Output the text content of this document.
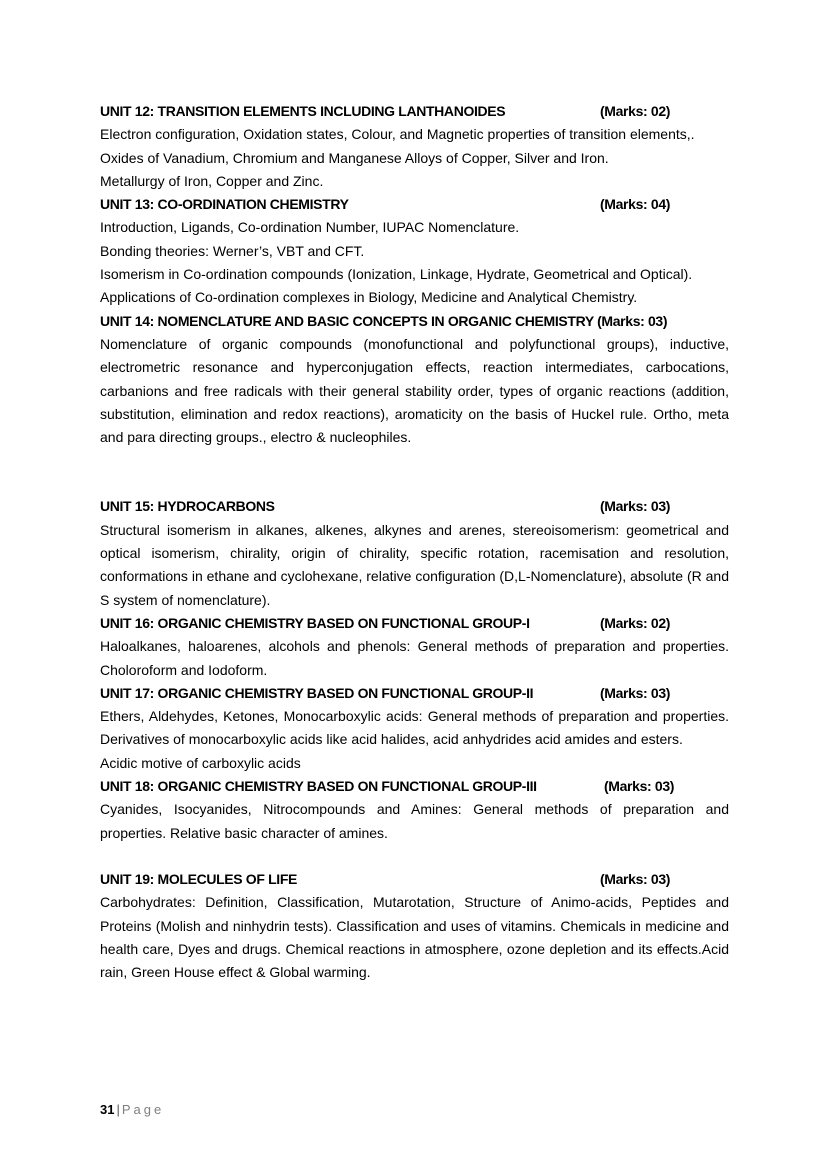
UNIT 12: TRANSITION ELEMENTS INCLUDING LANTHANOIDES	(Marks: 02)

Electron configuration, Oxidation states, Colour, and Magnetic properties of transition elements,.

Oxides of Vanadium, Chromium and Manganese Alloys of Copper, Silver and Iron.

Metallurgy of Iron, Copper and Zinc.

UNIT 13: CO-ORDINATION CHEMISTRY	(Marks: 04)

Introduction, Ligands, Co-ordination Number, IUPAC Nomenclature.

Bonding theories: Werner’s, VBT and CFT.

Isomerism in Co-ordination compounds (Ionization, Linkage, Hydrate, Geometrical and Optical).

Applications of Co-ordination complexes in Biology, Medicine and Analytical Chemistry.

UNIT 14: NOMENCLATURE AND BASIC CONCEPTS IN ORGANIC CHEMISTRY (Marks: 03)

Nomenclature of organic compounds (monofunctional and polyfunctional groups), inductive, electrometric resonance and hyperconjugation effects, reaction intermediates, carbocations, carbanions and free radicals with their general stability order, types of organic reactions (addition, substitution, elimination and redox reactions), aromaticity on the basis of Huckel rule. Ortho, meta and para directing groups., electro & nucleophiles.

UNIT 15: HYDROCARBONS	(Marks: 03)

Structural isomerism in alkanes, alkenes, alkynes and arenes, stereoisomerism: geometrical and optical isomerism, chirality, origin of chirality, specific rotation, racemisation and resolution, conformations in ethane and cyclohexane, relative configuration (D,L-Nomenclature), absolute (R and S system of nomenclature).

UNIT 16: ORGANIC CHEMISTRY BASED ON FUNCTIONAL GROUP-I	(Marks: 02)

Haloalkanes, haloarenes, alcohols and phenols: General methods of preparation and properties. Choloroform and Iodoform.

UNIT 17: ORGANIC CHEMISTRY BASED ON FUNCTIONAL GROUP-II	(Marks: 03)

Ethers, Aldehydes, Ketones, Monocarboxylic acids: General methods of preparation and properties. Derivatives of monocarboxylic acids like acid halides, acid anhydrides acid amides and esters.

Acidic motive of carboxylic acids

UNIT 18: ORGANIC CHEMISTRY BASED ON FUNCTIONAL GROUP-III	(Marks: 03)

Cyanides, Isocyanides, Nitrocompounds and Amines: General methods of preparation and properties. Relative basic character of amines.

UNIT 19: MOLECULES OF LIFE	(Marks: 03)

Carbohydrates: Definition, Classification, Mutarotation, Structure of Animo-acids, Peptides and Proteins (Molish and ninhydrin tests). Classification and uses of vitamins. Chemicals in medicine and health care, Dyes and drugs. Chemical reactions in atmosphere, ozone depletion and its effects.Acid rain, Green House effect & Global warming.

31 | Page
